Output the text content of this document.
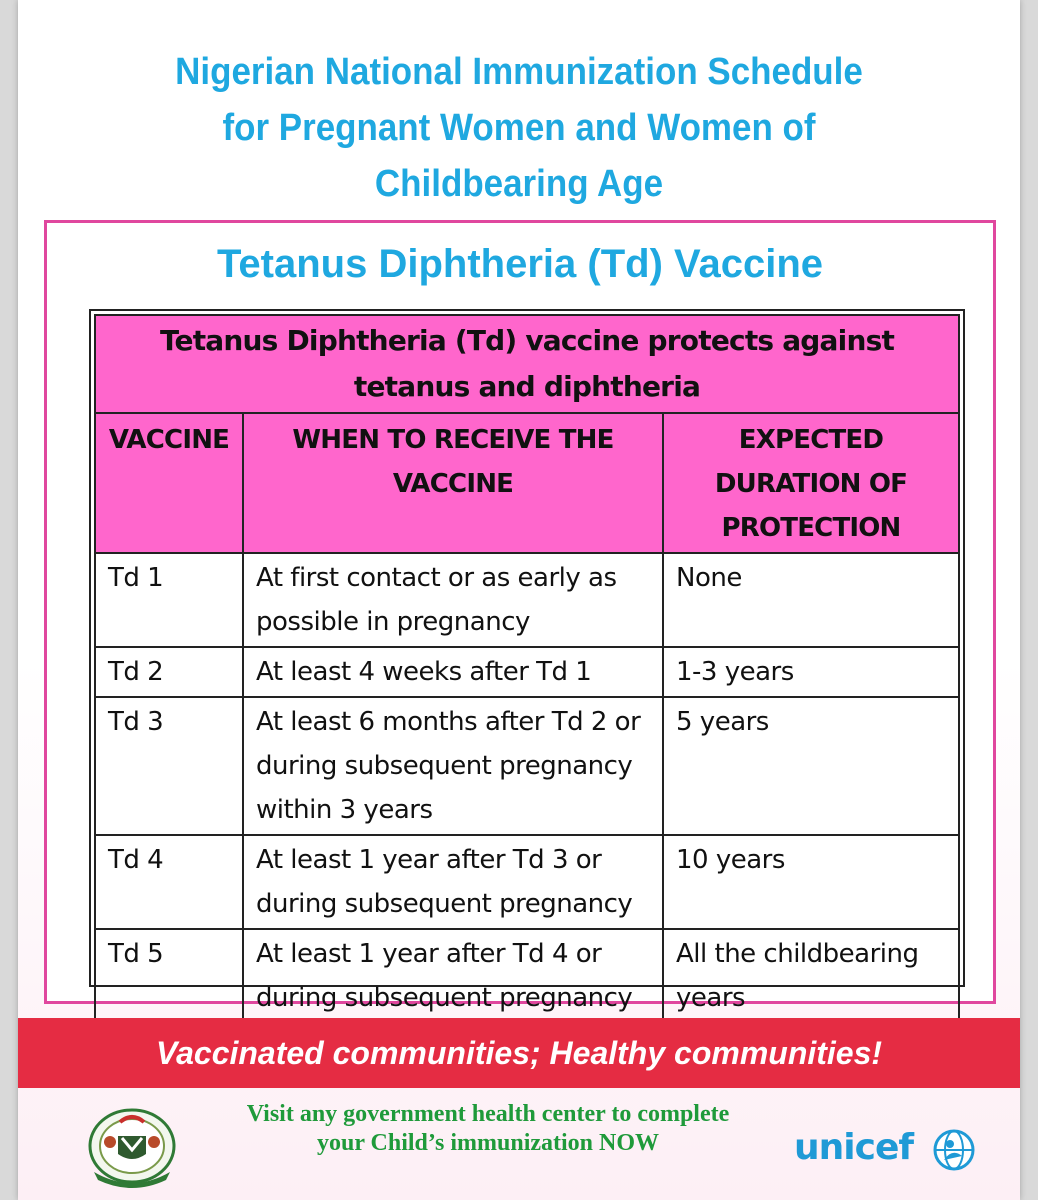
Nigerian National Immunization Schedule
for Pregnant Women and Women of
Childbearing Age
Tetanus Diphtheria (Td) Vaccine
Tetanus Diphtheria (Td) vaccine protects against tetanus and diphtheria		
VACCINE	WHEN TO RECEIVE THE VACCINE	EXPECTED DURATION OF PROTECTION
Td 1	At first contact or as early as possible in pregnancy	None
Td 2	At least 4 weeks after Td 1	1-3 years
Td 3	At least 6 months after Td 2 or during subsequent pregnancy within 3 years	5 years
Td 4	At least 1 year after Td 3 or during subsequent pregnancy	10 years
Td 5	At least 1 year after Td 4 or during subsequent pregnancy	All the childbearing years
Vaccinated communities; Healthy communities!
Visit any government health center to complete
your Child’s immunization NOW	unicef
